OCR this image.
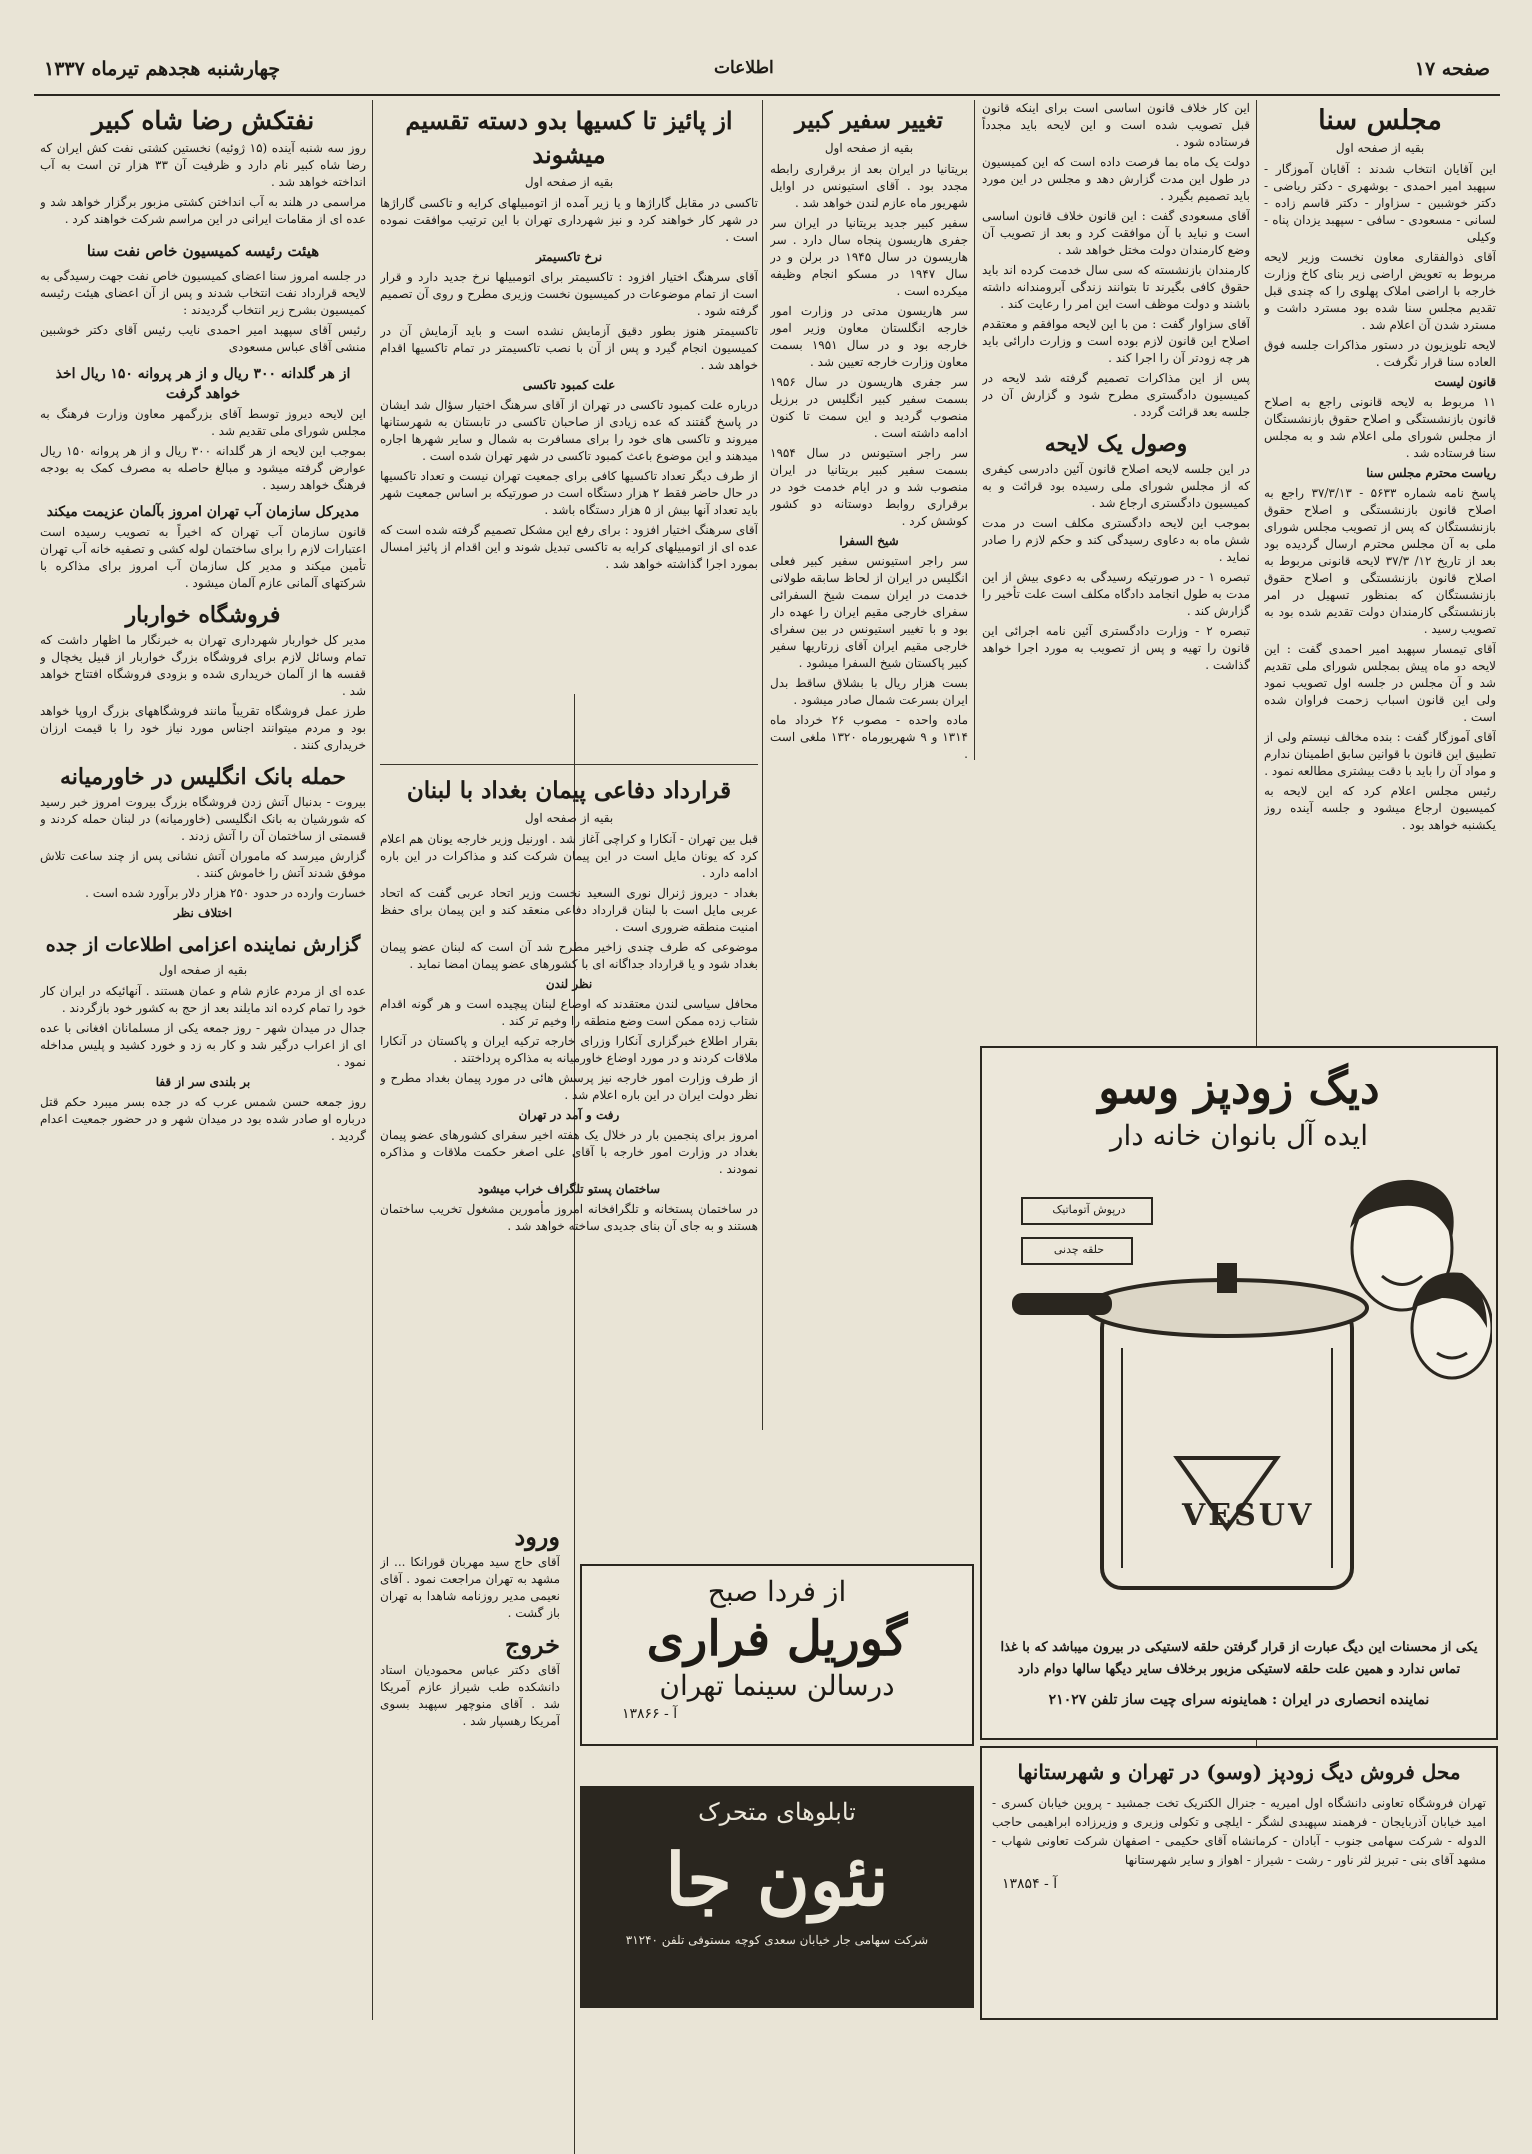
صفحه ۱۷
اطلاعات
چهارشنبه هجدهم تیرماه ۱۳۳۷
مجلس سنا
بقیه از صفحه اول

این آقایان انتخاب شدند : آقایان آموزگار - سپهبد امیر احمدی - بوشهری - دکتر ریاضی - دکتر خوشبین - سزاوار - دکتر قاسم زاده - لسانی - مسعودی - سافی - سپهبد یزدان پناه - وکیلی

آقای ذوالفقاری معاون نخست وزیر لایحه مربوط به تعویض اراضی زیر بنای کاخ وزارت خارجه با اراضی املاک پهلوی را که چندی قبل تقدیم مجلس سنا شده بود مسترد داشت و مسترد شدن آن اعلام شد .

لایحه تلویزیون در دستور مذاکرات جلسه فوق العاده سنا قرار نگرفت .

قانون لیست

۱۱ مربوط به لایحه قانونی راجع به اصلاح قانون بازنشستگی و اصلاح حقوق بازنشستگان از مجلس شورای ملی اعلام شد و به مجلس سنا فرستاده شد .

ریاست محترم مجلس سنا

پاسخ نامه شماره ۵۶۳۳ - ۳۷/۳/۱۳ راجع به اصلاح قانون بازنشستگی و اصلاح حقوق بازنشستگان که پس از تصویب مجلس شورای ملی به آن مجلس محترم ارسال گردیده بود بعد از تاریخ ۱۲/ ۳۷/۳ لایحه قانونی مربوط به اصلاح قانون بازنشستگی و اصلاح حقوق بازنشستگان که بمنظور تسهیل در امر بازنشستگی کارمندان دولت تقدیم شده بود به تصویب رسید .

آقای تیمسار سپهبد امیر احمدی گفت : این لایحه دو ماه پیش بمجلس شورای ملی تقدیم شد و آن مجلس در جلسه اول تصویب نمود ولی این قانون اسباب زحمت فراوان شده است .

آقای آموزگار گفت : بنده مخالف نیستم ولی از تطبیق این قانون با قوانین سابق اطمینان ندارم و مواد آن را باید با دقت بیشتری مطالعه نمود .

رئیس مجلس اعلام کرد که این لایحه به کمیسیون ارجاع میشود و جلسه آینده روز یکشنبه خواهد بود .

این کار خلاف قانون اساسی است برای اینکه قانون قبل تصویب شده است و این لایحه باید مجدداً فرستاده شود .

دولت یک ماه بما فرصت داده است که این کمیسیون در طول این مدت گزارش دهد و مجلس در این مورد باید تصمیم بگیرد .

آقای مسعودی گفت : این قانون خلاف قانون اساسی است و نباید با آن موافقت کرد و بعد از تصویب آن وضع کارمندان دولت مختل خواهد شد .

کارمندان بازنشسته که سی سال خدمت کرده اند باید حقوق کافی بگیرند تا بتوانند زندگی آبرومندانه داشته باشند و دولت موظف است این امر را رعایت کند .

آقای سزاوار گفت : من با این لایحه موافقم و معتقدم اصلاح این قانون لازم بوده است و وزارت دارائی باید هر چه زودتر آن را اجرا کند .

پس از این مذاکرات تصمیم گرفته شد لایحه در کمیسیون دادگستری مطرح شود و گزارش آن در جلسه بعد قرائت گردد .

وصول یک لایحه

در این جلسه لایحه اصلاح قانون آئین دادرسی کیفری که از مجلس شورای ملی رسیده بود قرائت و به کمیسیون دادگستری ارجاع شد .

بموجب این لایحه دادگستری مکلف است در مدت شش ماه به دعاوی رسیدگی کند و حکم لازم را صادر نماید .

تبصره ۱ - در صورتیکه رسیدگی به دعوی بیش از این مدت به طول انجامد دادگاه مکلف است علت تأخیر را گزارش کند .

تبصره ۲ - وزارت دادگستری آئین نامه اجرائی این قانون را تهیه و پس از تصویب به مورد اجرا خواهد گذاشت .

تغییر سفیر کبیر
بقیه از صفحه اول

بریتانیا در ایران بعد از برقراری رابطه مجدد بود . آقای استیونس در اوایل شهریور ماه عازم لندن خواهد شد .

سفیر کبیر جدید بریتانیا در ایران سر جفری هاریسون پنجاه سال دارد . سر هاریسون در سال ۱۹۴۵ در برلن و در سال ۱۹۴۷ در مسکو انجام وظیفه میکرده است .

سر هاریسون مدتی در وزارت امور خارجه انگلستان معاون وزیر امور خارجه بود و در سال ۱۹۵۱ بسمت معاون وزارت خارجه تعیین شد .

سر جفری هاریسون در سال ۱۹۵۶ بسمت سفیر کبیر انگلیس در برزیل منصوب گردید و این سمت تا کنون ادامه داشته است .

سر راجر استیونس در سال ۱۹۵۴ بسمت سفیر کبیر بریتانیا در ایران منصوب شد و در ایام خدمت خود در برقراری روابط دوستانه دو کشور کوشش کرد .

شیخ السفرا

سر راجر استیونس سفیر کبیر فعلی انگلیس در ایران از لحاظ سابقه طولانی خدمت در ایران سمت شیخ السفرائی سفرای خارجی مقیم ایران را عهده دار بود و با تغییر استیونس در بین سفرای خارجی مقیم ایران آقای زرتاریها سفیر کبیر پاکستان شیخ السفرا میشود .

بست هزار ریال با بشلاق ساقط بدل ایران بسرعت شمال صادر میشود .

ماده واحده - مصوب ۲۶ خرداد ماه ۱۳۱۴ و ۹ شهریورماه ۱۳۲۰ ملغی است .

از پائیز تا کسیها بدو دسته تقسیم میشوند
بقیه از صفحه اول

تاکسی در مقابل گاراژها و یا زیر آمده از اتومبیلهای کرایه و تاکسی گاراژها در شهر کار خواهند کرد و نیز شهرداری تهران با این ترتیب موافقت نموده است .

نرخ تاکسیمتر

آقای سرهنگ اختیار افزود : تاکسیمتر برای اتومبیلها نرخ جدید دارد و قرار است از تمام موضوعات در کمیسیون نخست وزیری مطرح و روی آن تصمیم گرفته شود .

تاکسیمتر هنوز بطور دقیق آزمایش نشده است و باید آزمایش آن در کمیسیون انجام گیرد و پس از آن با نصب تاکسیمتر در تمام تاکسیها اقدام خواهد شد .

علت کمبود تاکسی

درباره علت کمبود تاکسی در تهران از آقای سرهنگ اختیار سؤال شد ایشان در پاسخ گفتند که عده زیادی از صاحبان تاکسی در تابستان به شهرستانها میروند و تاکسی های خود را برای مسافرت به شمال و سایر شهرها اجاره میدهند و این موضوع باعث کمبود تاکسی در شهر تهران شده است .

از طرف دیگر تعداد تاکسیها کافی برای جمعیت تهران نیست و تعداد تاکسیها در حال حاضر فقط ۲ هزار دستگاه است در صورتیکه بر اساس جمعیت شهر باید تعداد آنها بیش از ۵ هزار دستگاه باشد .

آقای سرهنگ اختیار افزود : برای رفع این مشکل تصمیم گرفته شده است که عده ای از اتومبیلهای کرایه به تاکسی تبدیل شوند و این اقدام از پائیز امسال بمورد اجرا گذاشته خواهد شد .

قرارداد دفاعی پیمان بغداد با لبنان
بقیه از صفحه اول

قبل بین تهران - آنکارا و کراچی آغاز شد . اورنیل وزیر خارجه یونان هم اعلام کرد که یونان مایل است در این پیمان شرکت کند و مذاکرات در این باره ادامه دارد .

بغداد - دیروز ژنرال نوری السعید نخست وزیر اتحاد عربی گفت که اتحاد عربی مایل است با لبنان قرارداد دفاعی منعقد کند و این پیمان برای حفظ امنیت منطقه ضروری است .

موضوعی که طرف چندی زاخیر مطرح شد آن است که لبنان عضو پیمان بغداد شود و یا قرارداد جداگانه ای با کشورهای عضو پیمان امضا نماید .

نظر لندن

محافل سیاسی لندن معتقدند که اوضاع لبنان پیچیده است و هر گونه اقدام شتاب زده ممکن است وضع منطقه را وخیم تر کند .

بقرار اطلاع خبرگزاری آنکارا وزرای خارجه ترکیه ایران و پاکستان در آنکارا ملاقات کردند و در مورد اوضاع خاورمیانه به مذاکره پرداختند .

از طرف وزارت امور خارجه نیز پرسش هائی در مورد پیمان بغداد مطرح و نظر دولت ایران در این باره اعلام شد .

رفت و آمد در تهران

امروز برای پنجمین بار در خلال یک هفته اخیر سفرای کشورهای عضو پیمان بغداد در وزارت امور خارجه با آقای علی اصغر حکمت ملاقات و مذاکره نمودند .

ساختمان پستو تلگراف خراب میشود

در ساختمان پستخانه و تلگرافخانه امروز مأمورین مشغول تخریب ساختمان هستند و به جای آن بنای جدیدی ساخته خواهد شد .

ورود

آقای حاج سید مهربان قورانکا ... از مشهد به تهران مراجعت نمود . آقای نعیمی مدیر روزنامه شاهدا به تهران باز گشت .

خروج

آقای دکتر عباس محمودیان استاد دانشکده طب شیراز عازم آمریکا شد . آقای منوچهر سپهبد بسوی آمریکا رهسپار شد .

نفتکش رضا شاه کبیر

روز سه شنبه آینده (۱۵ ژوئیه) نخستین کشتی نفت کش ایران که رضا شاه کبیر نام دارد و ظرفیت آن ۳۳ هزار تن است به آب انداخته خواهد شد .

مراسمی در هلند به آب انداختن کشتی مزبور برگزار خواهد شد و عده ای از مقامات ایرانی در این مراسم شرکت خواهند کرد .

هیئت رئیسه کمیسیون خاص نفت سنا

در جلسه امروز سنا اعضای کمیسیون خاص نفت جهت رسیدگی به لایحه قرارداد نفت انتخاب شدند و پس از آن اعضای هیئت رئیسه کمیسیون بشرح زیر انتخاب گردیدند :

رئیس آقای سپهبد امیر احمدی نایب رئیس آقای دکتر خوشبین منشی آقای عباس مسعودی

از هر گلدانه ۳۰۰ ریال و از هر پروانه ۱۵۰ ریال اخذ خواهد گرفت

این لایحه دیروز توسط آقای بزرگمهر معاون وزارت فرهنگ به مجلس شورای ملی تقدیم شد .

بموجب این لایحه از هر گلدانه ۳۰۰ ریال و از هر پروانه ۱۵۰ ریال عوارض گرفته میشود و مبالغ حاصله به مصرف کمک به بودجه فرهنگ خواهد رسید .

مدیرکل سازمان آب تهران امروز بآلمان عزیمت میکند

قانون سازمان آب تهران که اخیراً به تصویب رسیده است اعتبارات لازم را برای ساختمان لوله کشی و تصفیه خانه آب تهران تأمین میکند و مدیر کل سازمان آب امروز برای مذاکره با شرکتهای آلمانی عازم آلمان میشود .

فروشگاه خواربار

مدیر کل خواربار شهرداری تهران به خبرنگار ما اظهار داشت که تمام وسائل لازم برای فروشگاه بزرگ خواربار از قبیل یخچال و قفسه ها از آلمان خریداری شده و بزودی فروشگاه افتتاح خواهد شد .

طرز عمل فروشگاه تقریباً مانند فروشگاههای بزرگ اروپا خواهد بود و مردم میتوانند اجناس مورد نیاز خود را با قیمت ارزان خریداری کنند .

حمله بانک انگلیس در خاورمیانه

بیروت - بدنبال آتش زدن فروشگاه بزرگ بیروت امروز خبر رسید که شورشیان به بانک انگلیسی (خاورمیانه) در لبنان حمله کردند و قسمتی از ساختمان آن را آتش زدند .

گزارش میرسد که ماموران آتش نشانی پس از چند ساعت تلاش موفق شدند آتش را خاموش کنند .

خسارت وارده در حدود ۲۵۰ هزار دلار برآورد شده است .

اختلاف نظر

گزارش نماینده اعزامی اطلاعات از جده
بقیه از صفحه اول

عده ای از مردم عازم شام و عمان هستند . آنهائیکه در ایران کار خود را تمام کرده اند مایلند بعد از حج به کشور خود بازگردند .

جدال در میدان شهر - روز جمعه یکی از مسلمانان افغانی با عده ای از اعراب درگیر شد و کار به زد و خورد کشید و پلیس مداخله نمود .

بر بلندی سر از قفا

روز جمعه حسن شمس عرب که در جده بسر میبرد حکم قتل درباره او صادر شده بود در میدان شهر و در حضور جمعیت اعدام گردید .

از فردا صبح
گوریل فراری
درسالن سینما تهران
آ - ۱۳۸۶۶
تابلوهای متحرک
نئون جا
شرکت سهامی جار خیابان سعدی کوچه مستوفی تلفن ۳۱۲۴۰
دیگ زودپز وسو
ایده آل بانوان خانه دار
درپوش آتوماتیک
حلقه چدنی
VESUV
یکی از محسنات این دیگ عبارت از قرار گرفتن حلقه لاستیکی در بیرون میباشد که با غذا
تماس ندارد و همین علت حلقه لاستیکی مزبور برخلاف سایر دیگها سالها دوام دارد
نماینده انحصاری در ایران : هماینونه سرای چیت ساز تلفن ۲۱۰۲۷
محل فروش دیگ زودپز (وسو) در تهران و شهرستانها
تهران فروشگاه تعاونی دانشگاه اول امیریه - جنرال الکتریک تخت جمشید - پروین خیابان کسری - امید خیابان آذربایجان - فرهمند سپهبدی لشگر - ایلچی و تکولی وزیری و وزیرزاده ابراهیمی حاجب الدوله - شرکت سهامی جنوب - آبادان - کرمانشاه آقای حکیمی - اصفهان شرکت تعاونی شهاب - مشهد آقای بنی - تبریز لثر ناور - رشت - شیراز - اهواز و سایر شهرستانها
آ - ۱۳۸۵۴
